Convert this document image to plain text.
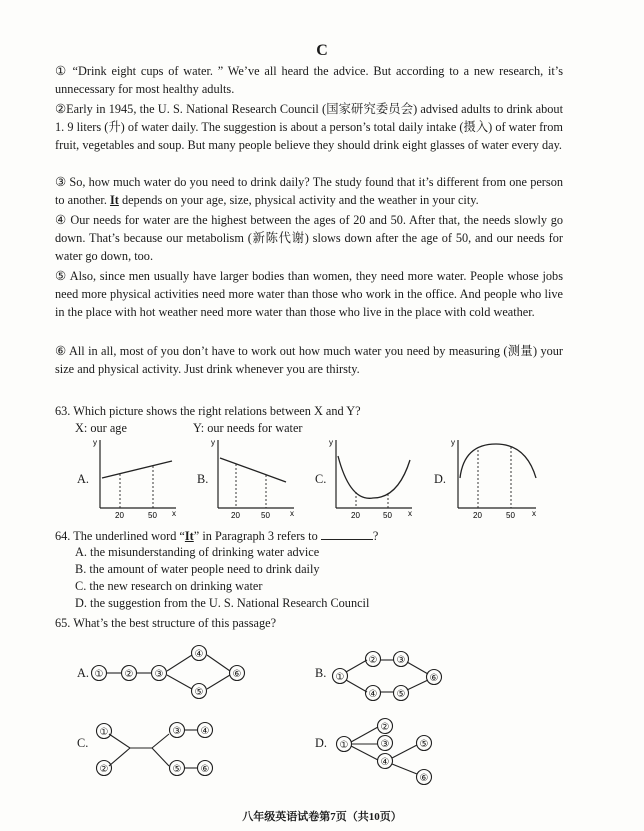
C
① “Drink eight cups of water. ” We’ve all heard the advice. But according to a new research, it’s unnecessary for most healthy adults.
②Early in 1945, the U. S. National Research Council (国家研究委员会) advised adults to drink about 1. 9 liters (升) of water daily. The suggestion is about a person’s total daily intake (摄入) of water from fruit, vegetables and soup. But many people believe they should drink eight glasses of water every day.
③ So, how much water do you need to drink daily? The study found that it’s different from one person to another. It depends on your age, size, physical activity and the weather in your city.
④ Our needs for water are the highest between the ages of 20 and 50. After that, the needs slowly go down. That’s because our metabolism (新陈代谢) slows down after the age of 50, and our needs for water go down, too.
⑤ Also, since men usually have larger bodies than women, they need more water. People whose jobs need more physical activities need more water than those who work in the office. And people who live in the place with hot weather need more water than those who live in the place with cold weather.
⑥ All in all, most of you don’t have to work out how much water you need by measuring (测量) your size and physical activity. Just drink whenever you are thirsty.
63. Which picture shows the right relations between X and Y?
X: our age	Y: our needs for water
A.	B.	C.	D.
y
x
20	50
y
x
20	50
y
x
20	50
y
x
20	50
64. The underlined word “It” in Paragraph 3 refers to	?
A. the misunderstanding of drinking water advice
B. the amount of water people need to drink daily
C. the new research on drinking water
D. the suggestion from the U. S. National Research Council
65. What’s the best structure of this passage?
A. ① ② ③
④
⑤
⑥	B. ①
② ③
④ ⑤
⑥
C.
①
②
③ ④
⑤ ⑥
D. ①
②
③
④
⑤
⑥
八年级英语试卷第7页（共10页）
